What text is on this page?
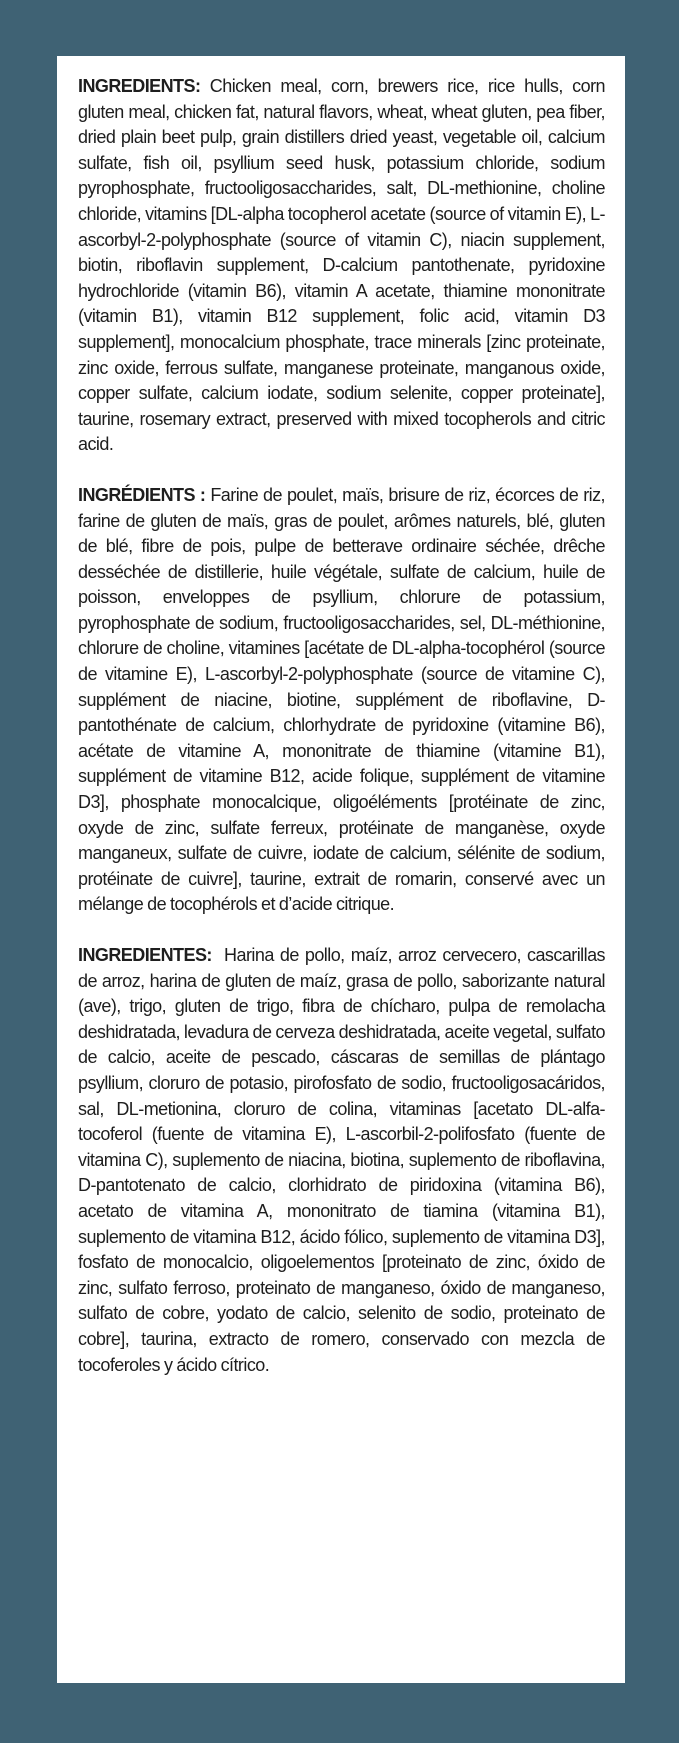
INGREDIENTS: Chicken meal, corn, brewers rice, rice hulls, corn gluten meal, chicken fat, natural flavors, wheat, wheat gluten, pea fiber, dried plain beet pulp, grain distillers dried yeast, vegetable oil, calcium sulfate, fish oil, psyllium seed husk, potassium chloride, sodium pyrophosphate, fructooligosaccharides, salt, DL-methionine, choline chloride, vitamins [DL-alpha tocopherol acetate (source of vitamin E), L-ascorbyl-2-polyphosphate (source of vitamin C), niacin supplement, biotin, riboflavin supplement, D-calcium pantothenate, pyridoxine hydrochloride (vitamin B6), vitamin A acetate, thiamine mononitrate (vitamin B1), vitamin B12 supplement, folic acid, vitamin D3 supplement], monocalcium phosphate, trace minerals [zinc proteinate, zinc oxide, ferrous sulfate, manganese proteinate, manganous oxide, copper sulfate, calcium iodate, sodium selenite, copper proteinate], taurine, rosemary extract, preserved with mixed tocopherols and citric acid.

INGRÉDIENTS : Farine de poulet, maïs, brisure de riz, écorces de riz, farine de gluten de maïs, gras de poulet, arômes naturels, blé, gluten de blé, fibre de pois, pulpe de betterave ordinaire séchée, drêche desséchée de distillerie, huile végétale, sulfate de calcium, huile de poisson, enveloppes de psyllium, chlorure de potassium, pyrophosphate de sodium, fructooligosaccharides, sel, DL-méthionine, chlorure de choline, vitamines [acétate de DL-alpha-tocophérol (source de vitamine E), L-ascorbyl-2-polyphosphate (source de vitamine C), supplément de niacine, biotine, supplément de riboflavine, D-pantothénate de calcium, chlorhydrate de pyridoxine (vitamine B6), acétate de vitamine A, mononitrate de thiamine (vitamine B1), supplément de vitamine B12, acide folique, supplément de vitamine D3], phosphate monocalcique, oligoéléments [protéinate de zinc, oxyde de zinc, sulfate ferreux, protéinate de manganèse, oxyde manganeux, sulfate de cuivre, iodate de calcium, sélénite de sodium, protéinate de cuivre], taurine, extrait de romarin, conservé avec un mélange de tocophérols et d’acide citrique.

INGREDIENTES:  Harina de pollo, maíz, arroz cervecero, cascarillas de arroz, harina de gluten de maíz, grasa de pollo, saborizante natural (ave), trigo, gluten de trigo, fibra de chícharo, pulpa de remolacha deshidratada, levadura de cerveza deshidratada, aceite vegetal, sulfato de calcio, aceite de pescado, cáscaras de semillas de plántago psyllium, cloruro de potasio, pirofosfato de sodio, fructooligosacáridos, sal, DL-metionina, cloruro de colina, vitaminas [acetato DL-alfa-tocoferol (fuente de vitamina E), L-ascorbil-2-polifosfato (fuente de vitamina C), suplemento de niacina, biotina, suplemento de riboflavina, D-pantotenato de calcio, clorhidrato de piridoxina (vitamina B6), acetato de vitamina A, mononitrato de tiamina (vitamina B1), suplemento de vitamina B12, ácido fólico, suplemento de vitamina D3], fosfato de monocalcio, oligoelementos [proteinato de zinc, óxido de zinc, sulfato ferroso, proteinato de manganeso, óxido de manganeso, sulfato de cobre, yodato de calcio, selenito de sodio, proteinato de cobre], taurina, extracto de romero, conservado con mezcla de tocoferoles y ácido cítrico.
